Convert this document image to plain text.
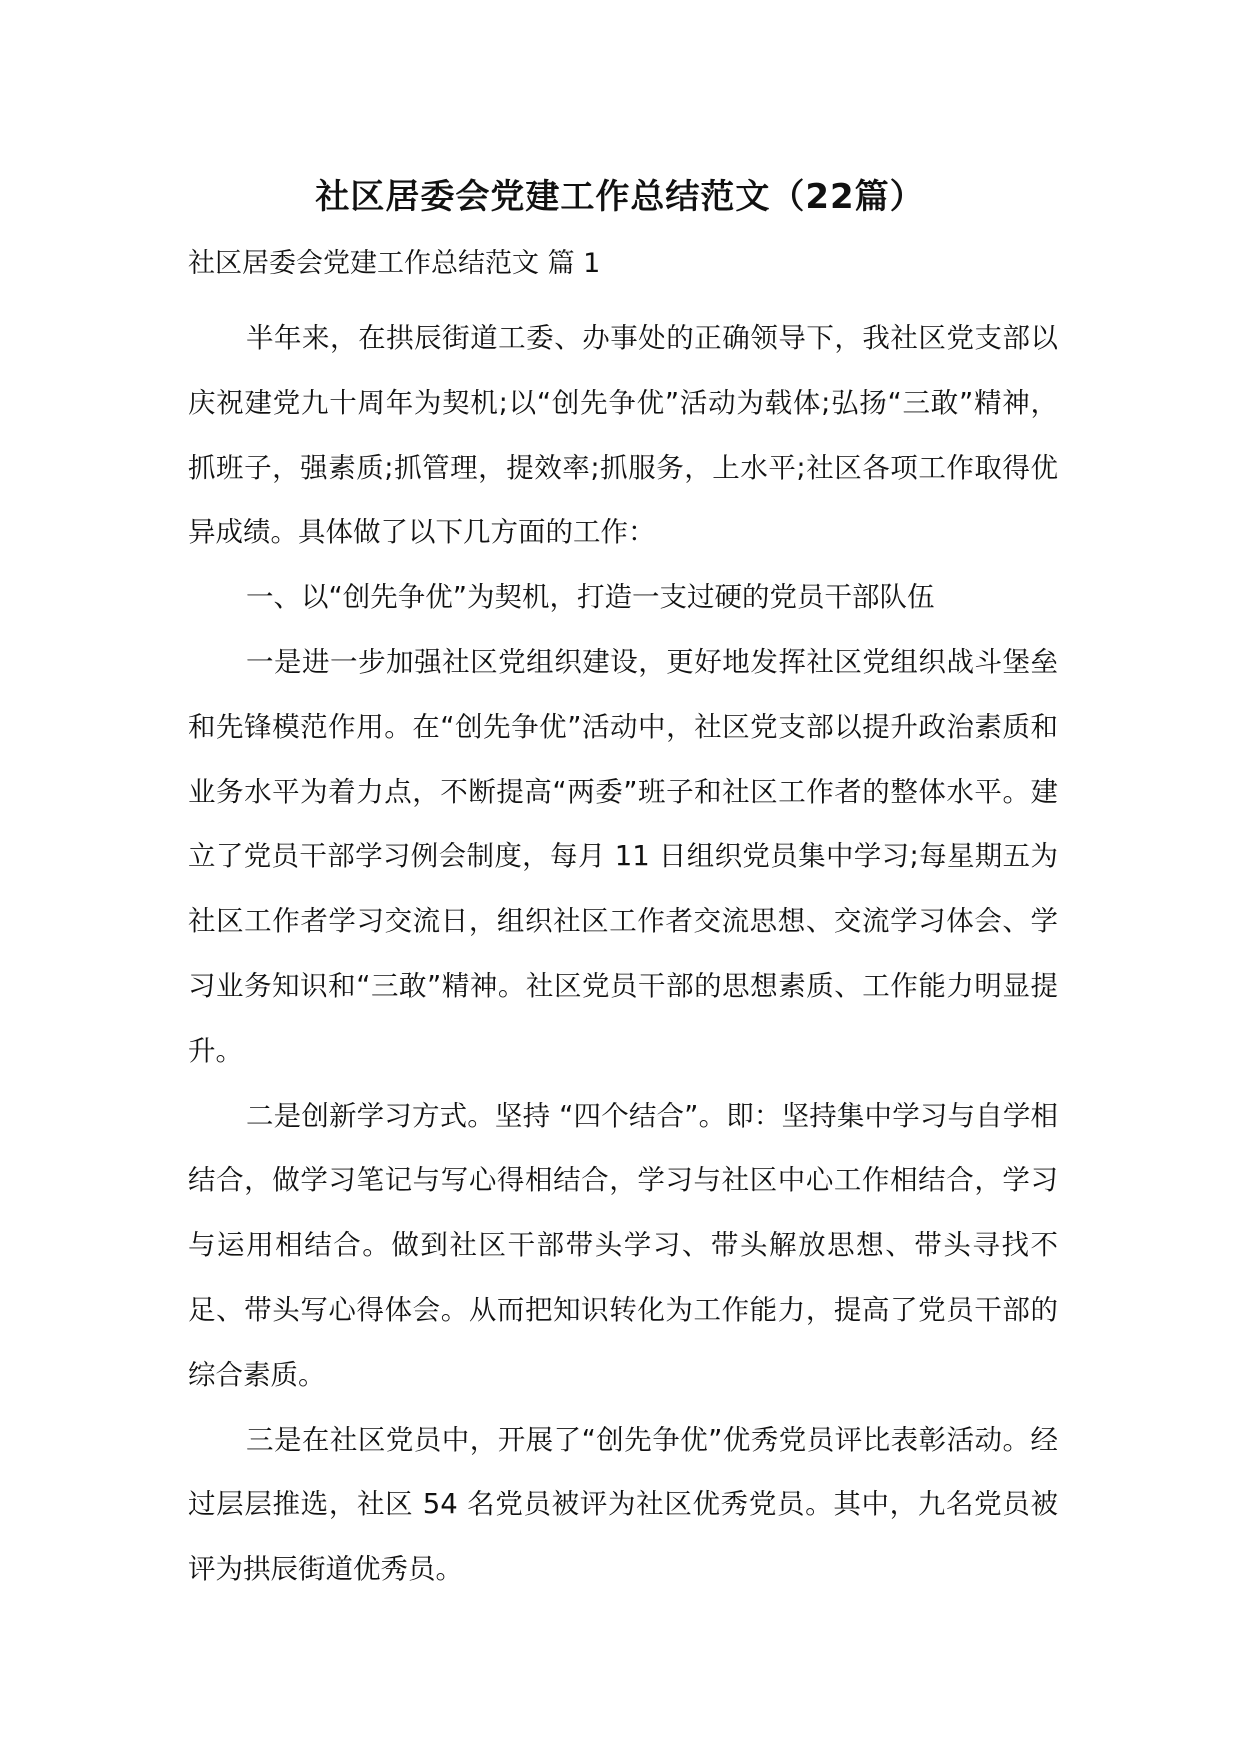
社区居委会党建工作总结范文（22篇）
社区居委会党建工作总结范文 篇 1

半年来，在拱辰街道工委、办事处的正确领导下，我社区党支部以庆祝建党九十周年为契机;以“创先争优”活动为载体;弘扬“三敢”精神，抓班子，强素质;抓管理，提效率;抓服务，上水平;社区各项工作取得优异成绩。具体做了以下几方面的工作：

一、以“创先争优”为契机，打造一支过硬的党员干部队伍

一是进一步加强社区党组织建设，更好地发挥社区党组织战斗堡垒和先锋模范作用。在“创先争优”活动中，社区党支部以提升政治素质和业务水平为着力点，不断提高“两委”班子和社区工作者的整体水平。建立了党员干部学习例会制度，每月 11 日组织党员集中学习;每星期五为社区工作者学习交流日，组织社区工作者交流思想、交流学习体会、学习业务知识和“三敢”精神。社区党员干部的思想素质、工作能力明显提升。

二是创新学习方式。坚持 “四个结合”。即：坚持集中学习与自学相结合，做学习笔记与写心得相结合，学习与社区中心工作相结合，学习与运用相结合。做到社区干部带头学习、带头解放思想、带头寻找不足、带头写心得体会。从而把知识转化为工作能力，提高了党员干部的综合素质。

三是在社区党员中，开展了“创先争优”优秀党员评比表彰活动。经过层层推选，社区 54 名党员被评为社区优秀党员。其中，九名党员被评为拱辰街道优秀员。
